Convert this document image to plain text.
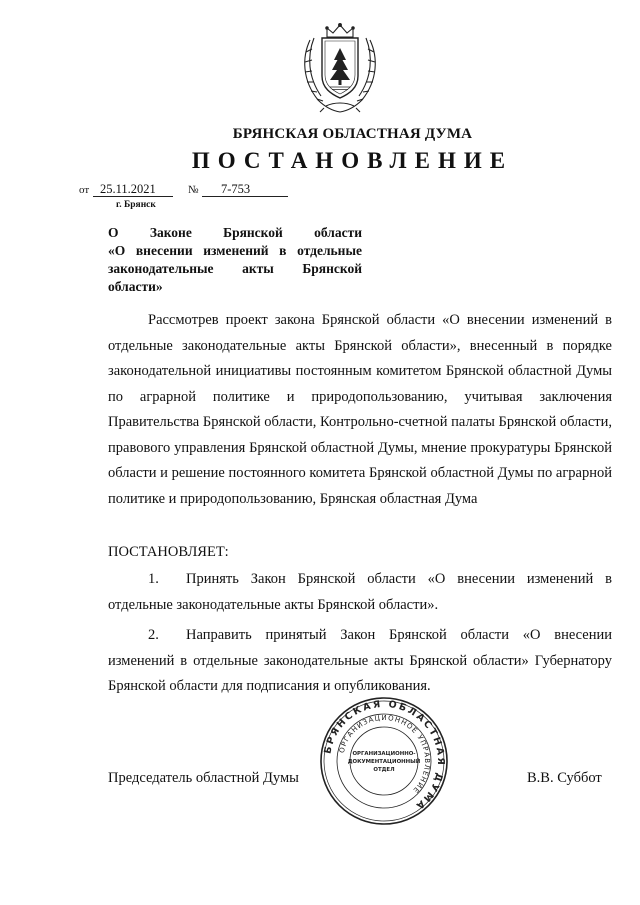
БРЯНСКАЯ ОБЛАСТНАЯ ДУМА
ПОСТАНОВЛЕНИЕ
от 25.11.2021	№ 7-753
г. Брянск
О Законе Брянской области
«О внесении изменений в отдельные законодательные акты Брянской области»
Рассмотрев проект закона Брянской области «О внесении изменений в отдельные законодательные акты Брянской области», внесенный в порядке законодательной инициативы постоянным комитетом Брянской областной Думы по аграрной политике и природопользованию, учитывая заключения Правительства Брянской области, Контрольно-счетной палаты Брянской области, правового управления Брянской областной Думы, мнение прокуратуры Брянской области и решение постоянного комитета Брянской областной Думы по аграрной политике и природопользованию, Брянская областная Дума
ПОСТАНОВЛЯЕТ:
1. Принять Закон Брянской области «О внесении изменений в отдельные законодательные акты Брянской области».
2. Направить принятый Закон Брянской области «О внесении изменений в отдельные законодательные акты Брянской области» Губернатору Брянской области для подписания и опубликования.
Председатель областной Думы	В.В. Суббот
БРЯНСКАЯ ОБЛАСТНАЯ ДУМА
ОРГАНИЗАЦИОННОЕ УПРАВЛЕНИЕ
ОРГАНИЗАЦИОННО-
ДОКУМЕНТАЦИОННЫЙ
ОТДЕЛ
